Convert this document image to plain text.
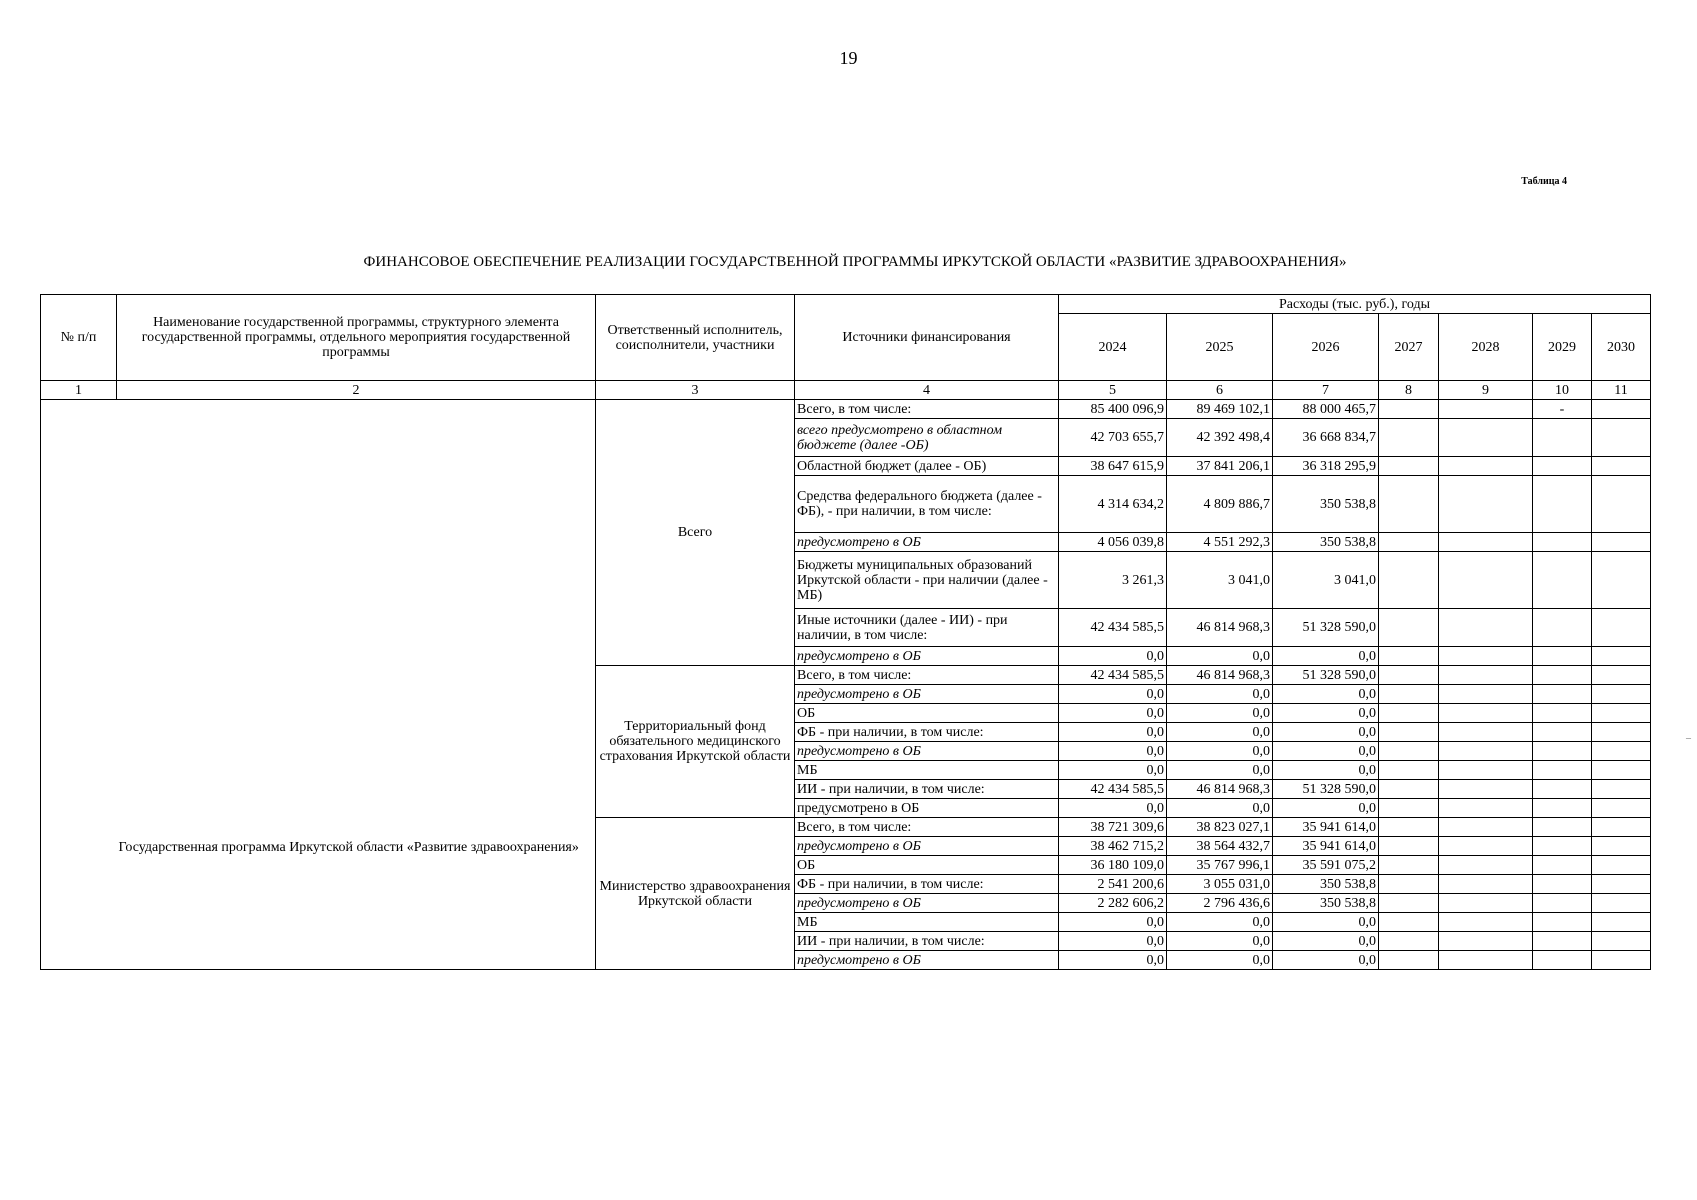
19
Таблица 4
ФИНАНСОВОЕ ОБЕСПЕЧЕНИЕ РЕАЛИЗАЦИИ ГОСУДАРСТВЕННОЙ ПРОГРАММЫ ИРКУТСКОЙ ОБЛАСТИ «РАЗВИТИЕ ЗДРАВООХРАНЕНИЯ»
№ п/п	Наименование государственной программы, структурного элемента государственной программы, отдельного мероприятия государственной программы	Ответственный исполнитель, соисполнители, участники	Источники финансирования	Расходы (тыс. руб.), годы						
				2024	2025	2026	2027	2028	2029	2030
1	2	3	4	5	6	7	8	9	10	11
	Государственная программа Иркутской области «Развитие здравоохранения»	Всего	Всего, в том числе:	85 400 096,9	89 469 102,1	88 000 465,7			-	
			всего предусмотрено в областном бюджете (далее -ОБ)	42 703 655,7	42 392 498,4	36 668 834,7				
			Областной бюджет (далее - ОБ)	38 647 615,9	37 841 206,1	36 318 295,9				
			Средства федерального бюджета (далее - ФБ), - при наличии, в том числе:	4 314 634,2	4 809 886,7	350 538,8				
			предусмотрено в ОБ	4 056 039,8	4 551 292,3	350 538,8				
			Бюджеты муниципальных образований Иркутской области - при наличии (далее - МБ)	3 261,3	3 041,0	3 041,0				
			Иные источники (далее - ИИ) - при наличии, в том числе:	42 434 585,5	46 814 968,3	51 328 590,0				
			предусмотрено в ОБ	0,0	0,0	0,0				
		Территориальный фонд обязательного медицинского страхования Иркутской области	Всего, в том числе:	42 434 585,5	46 814 968,3	51 328 590,0				
			предусмотрено в ОБ	0,0	0,0	0,0				
			ОБ	0,0	0,0	0,0				
			ФБ - при наличии, в том числе:	0,0	0,0	0,0				
			предусмотрено в ОБ	0,0	0,0	0,0				
			МБ	0,0	0,0	0,0				
			ИИ - при наличии, в том числе:	42 434 585,5	46 814 968,3	51 328 590,0				
			предусмотрено в ОБ	0,0	0,0	0,0				
		Министерство здравоохранения Иркутской области	Всего, в том числе:	38 721 309,6	38 823 027,1	35 941 614,0				
			предусмотрено в ОБ	38 462 715,2	38 564 432,7	35 941 614,0				
			ОБ	36 180 109,0	35 767 996,1	35 591 075,2				
			ФБ - при наличии, в том числе:	2 541 200,6	3 055 031,0	350 538,8				
			предусмотрено в ОБ	2 282 606,2	2 796 436,6	350 538,8				
			МБ	0,0	0,0	0,0				
			ИИ - при наличии, в том числе:	0,0	0,0	0,0				
			предусмотрено в ОБ	0,0	0,0	0,0				
–
